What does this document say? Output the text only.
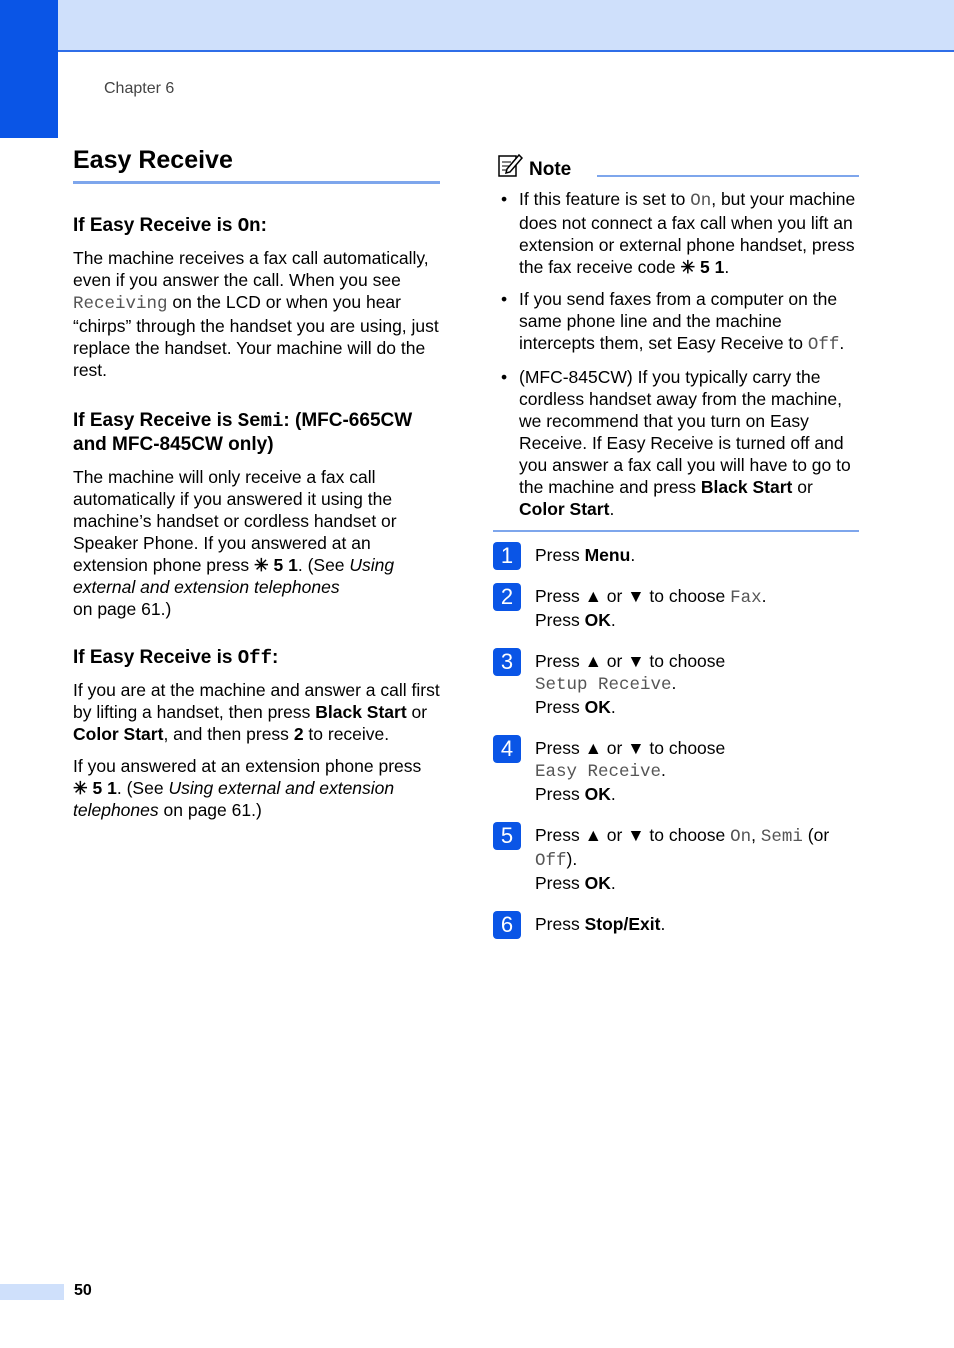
Chapter 6
Easy Receive
If Easy Receive is On:

The machine receives a fax call automatically, even if you answer the call. When you see Receiving on the LCD or when you hear “chirps” through the handset you are using, just replace the handset. Your machine will do the rest.

If Easy Receive is Semi: (MFC-665CW and MFC-845CW only)

The machine will only receive a fax call automatically if you answered it using the machine’s handset or cordless handset or Speaker Phone. If you answered at an extension phone press ✳ 5 1. (See Using external and extension telephones
on page 61.)

If Easy Receive is Off:

If you are at the machine and answer a call first by lifting a handset, then press Black Start or Color Start, and then press 2 to receive.

If you answered at an extension phone press
✳ 5 1. (See Using external and extension telephones on page 61.)

Note
• If this feature is set to On, but your machine does not connect a fax call when you lift an extension or external phone handset, press the fax receive code ✳ 5 1.
• If you send faxes from a computer on the same phone line and the machine intercepts them, set Easy Receive to Off.
• (MFC-845CW) If you typically carry the cordless handset away from the machine, we recommend that you turn on Easy Receive. If Easy Receive is turned off and you answer a fax call you will have to go to the machine and press Black Start or
Color Start.
1	Press Menu.
2	Press ▲ or ▼ to choose Fax.
Press OK.
3	Press ▲ or ▼ to choose
Setup Receive.
Press OK.
4	Press ▲ or ▼ to choose
Easy Receive.
Press OK.
5	Press ▲ or ▼ to choose On, Semi (or
Off).
Press OK.
6	Press Stop/Exit.
50
